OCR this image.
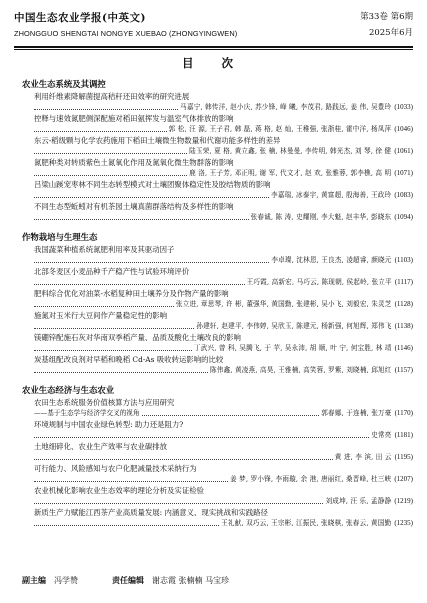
中国生态农业学报(中英文)
ZHONGGUO SHENGTAI NONGYE XUEBAO (ZHONGYINGWEN)
第33卷 第6期
2025年6月
目 次
农业生态系统及其调控
利用纤维素降解菌提高秸秆还田效率的研究进展
马嘉宁, 韩传洋, 赵小庆, 苏少锋, 峰 曦, 李茂君, 路践远, 姜 伟, 吴豊玲 (1033)
控释与速效氮肥侧深配施对稻田氨挥发与温室气体排放的影响
郭 松, 汪 源, 王子君, 韩 磊, 蒋 格, 赵 灿, 王稚强, 张浙桂, 霍中洋, 杨凤萍 (1046)
东云-稻级颗与化学农药施用下稻田土壤微生物数量和代谢功能多样性的差异
陆玉荣, 夏 格, 黄立鑫, 张 楠, 林曼曼, 李传明, 韩光杰, 刘 琴, 徐 健 (1061)
氮肥种类对转质紫色土氮氧化作用及氮氧化微生物群落的影响
鹿 洛, 王子芳, 邓正明, 谢 军, 代文才, 赵 欢, 张雅蓉, 郭李樵, 高 明 (1071)
吕梁山蹊宠枣林不同生态转型模式对土壤团聚体稳定性及胶结物质的影响
李嘉瑞, 冰泰宇, 黄富超, 殷海善, 王政玲 (1083)
不同生态型蚯蚓对有机茶园土壤真菌群落结构及多样性的影响
张春诚, 陈 涛, 史耀刚, 李大魁, 赵丰华, 彭晓东 (1094)
作物栽培与生理生态
我国蔬菜种植系统氮肥利用率及其驱动因子
李卓璨, 沈林恩, 王良杰, 凌超睿, 颜晓元 (1103)
北部冬麦区小麦品种千产稳产性与试验环境评价
王巧霞, 高新宏, 马巧云, 陈现朝, 侯起岭, 张立平 (1117)
肥料综合优化对油菜-水稻复种田土壤养分及作物产量的影响
张立进, 章思琴, 许 彬, 董强华, 黄国勤, 张建彬, 吴小飞, 刘毅宏, 朱灵芝 (1128)
施氮对玉米行大豆间作产量稳定性的影响
孙建轩, 赵建平, 李伟婷, 吴欣玉, 陈建元, 杨新强, 何旭辉, 郑伟飞 (1138)
镁硼锌配施石灰对华南双季稻产量、品质及酸化土壤改良的影响
丁武兴, 曾 科, 吴腾飞, 于 苹, 吴永沛, 胡 顺, 叶 宁, 何宝胜, 林 靖 (1146)
炭基组配改良剂对早稻和晚稻 Cd-As 吸收转运影响的比较
陈伟鑫, 黄凌燕, 高昊, 王雅楠, 高笑蓉, 罗紫, 刘晓楠, 邱旭红 (1157)
农业生态经济与生态农业
农田生态系统服务价值核算方法与应用研究
——基于生态学与经济学交叉的视角	郭春娜, 于连楠, 张万豪 (1170)
环境规制与中国农业绿色转型: 助力还是阻力?
史常亮 (1181)
土地细碎化、农业生产效率与农业碳排放
黄 进, 李 滨, 田 云 (1195)
可行能力、风险感知与农户化肥减量技术采纳行为
姜 梦, 罗小锋, 李雨璇, 余 港, 唐丽红, 桑晋峰, 杜三峡 (1207)
农业机械化影响农业生态效率的理论分析及实证检验
刘成坤, 汪 乐, 孟静静 (1219)
新质生产力赋能江西茶产业高质量发展: 内涵意义、现实挑战和实践路径
王礼献, 双巧云, 王宗彬, 江振民, 张晓棋, 张春云, 黄国勤 (1235)
副主编 冯学赞	责任编辑 谢志霞 张楠楠 马宝珍
